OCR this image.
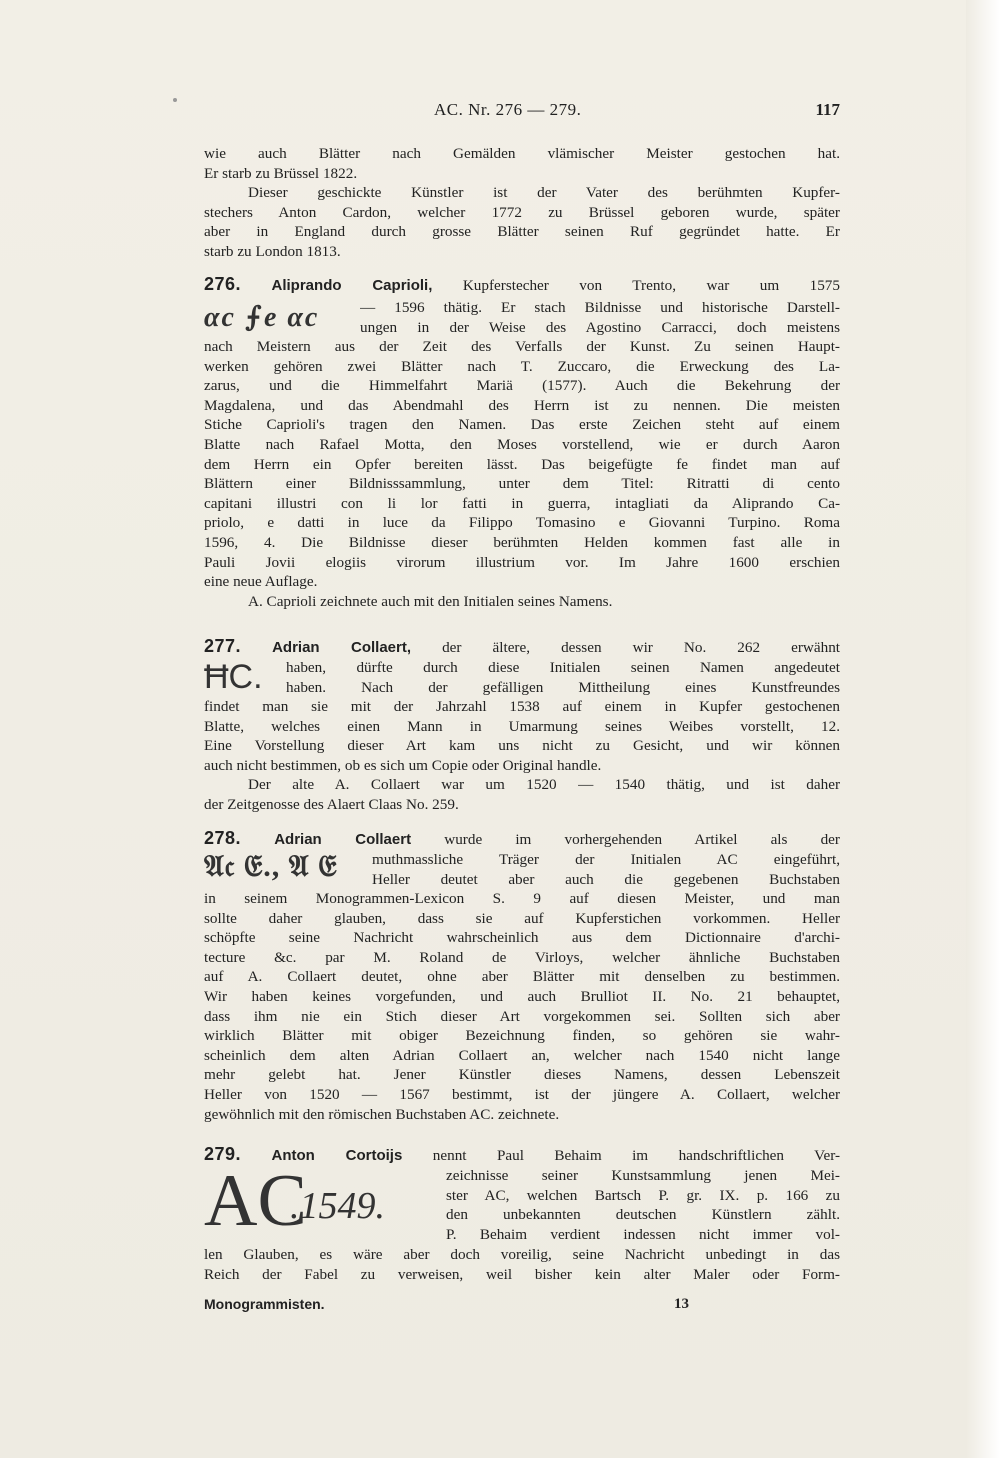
AC. Nr. 276 — 279.	117
wie auch Blätter nach Gemälden vlämischer Meister gestochen hat.
Er starb zu Brüssel 1822.
Dieser geschickte Künstler ist der Vater des berühmten Kupfer-
stechers Anton Cardon, welcher 1772 zu Brüssel geboren wurde, später
aber in England durch grosse Blätter seinen Ruf gegründet hatte. Er
starb zu London 1813.
276. Aliprando Caprioli, Kupferstecher von Trento, war um 1575
αc ⨍e αc	— 1596 thätig. Er stach Bildnisse und historische Darstell-
ungen in der Weise des Agostino Carracci, doch meistens
nach Meistern aus der Zeit des Verfalls der Kunst. Zu seinen Haupt-
werken gehören zwei Blätter nach T. Zuccaro, die Erweckung des La-
zarus, und die Himmelfahrt Mariä (1577). Auch die Bekehrung der
Magdalena, und das Abendmahl des Herrn ist zu nennen. Die meisten
Stiche Caprioli's tragen den Namen. Das erste Zeichen steht auf einem
Blatte nach Rafael Motta, den Moses vorstellend, wie er durch Aaron
dem Herrn ein Opfer bereiten lässt. Das beigefügte fe findet man auf
Blättern einer Bildnisssammlung, unter dem Titel: Ritratti di cento
capitani illustri con li lor fatti in guerra, intagliati da Aliprando Ca-
priolo, e datti in luce da Filippo Tomasino e Giovanni Turpino. Roma
1596, 4. Die Bildnisse dieser berühmten Helden kommen fast alle in
Pauli Jovii elogiis virorum illustrium vor. Im Jahre 1600 erschien
eine neue Auflage.
A. Caprioli zeichnete auch mit den Initialen seines Namens.
277. Adrian Collaert, der ältere, dessen wir No. 262 erwähnt
ĦC. haben, dürfte durch diese Initialen seinen Namen angedeutet
haben. Nach der gefälligen Mittheilung eines Kunstfreundes
findet man sie mit der Jahrzahl 1538 auf einem in Kupfer gestochenen
Blatte, welches einen Mann in Umarmung seines Weibes vorstellt, 12.
Eine Vorstellung dieser Art kam uns nicht zu Gesicht, und wir können
auch nicht bestimmen, ob es sich um Copie oder Original handle.
Der alte A. Collaert war um 1520 — 1540 thätig, und ist daher
der Zeitgenosse des Alaert Claas No. 259.
278. Adrian Collaert wurde im vorhergehenden Artikel als der
𝔄𝔠 𝔈., 𝔄 𝔈 muthmassliche Träger der Initialen AC eingeführt,
Heller deutet aber auch die gegebenen Buchstaben
in seinem Monogrammen-Lexicon S. 9 auf diesen Meister, und man
sollte daher glauben, dass sie auf Kupferstichen vorkommen. Heller
schöpfte seine Nachricht wahrscheinlich aus dem Dictionnaire d'archi-
tecture &c. par M. Roland de Virloys, welcher ähnliche Buchstaben
auf A. Collaert deutet, ohne aber Blätter mit denselben zu bestimmen.
Wir haben keines vorgefunden, und auch Brulliot II. No. 21 behauptet,
dass ihm nie ein Stich dieser Art vorgekommen sei. Sollten sich aber
wirklich Blätter mit obiger Bezeichnung finden, so gehören sie wahr-
scheinlich dem alten Adrian Collaert an, welcher nach 1540 nicht lange
mehr gelebt hat. Jener Künstler dieses Namens, dessen Lebenszeit
Heller von 1520 — 1567 bestimmt, ist der jüngere A. Collaert, welcher
gewöhnlich mit den römischen Buchstaben AC. zeichnete.
279. Anton Cortoijs nennt Paul Behaim im handschriftlichen Ver-
AC
.1549.
zeichnisse seiner Kunstsammlung jenen Mei-
ster AC, welchen Bartsch P. gr. IX. p. 166 zu
den unbekannten deutschen Künstlern zählt.
P. Behaim verdient indessen nicht immer vol-
len Glauben, es wäre aber doch voreilig, seine Nachricht unbedingt in das
Reich der Fabel zu verweisen, weil bisher kein alter Maler oder Form-
Monogrammisten.	13
